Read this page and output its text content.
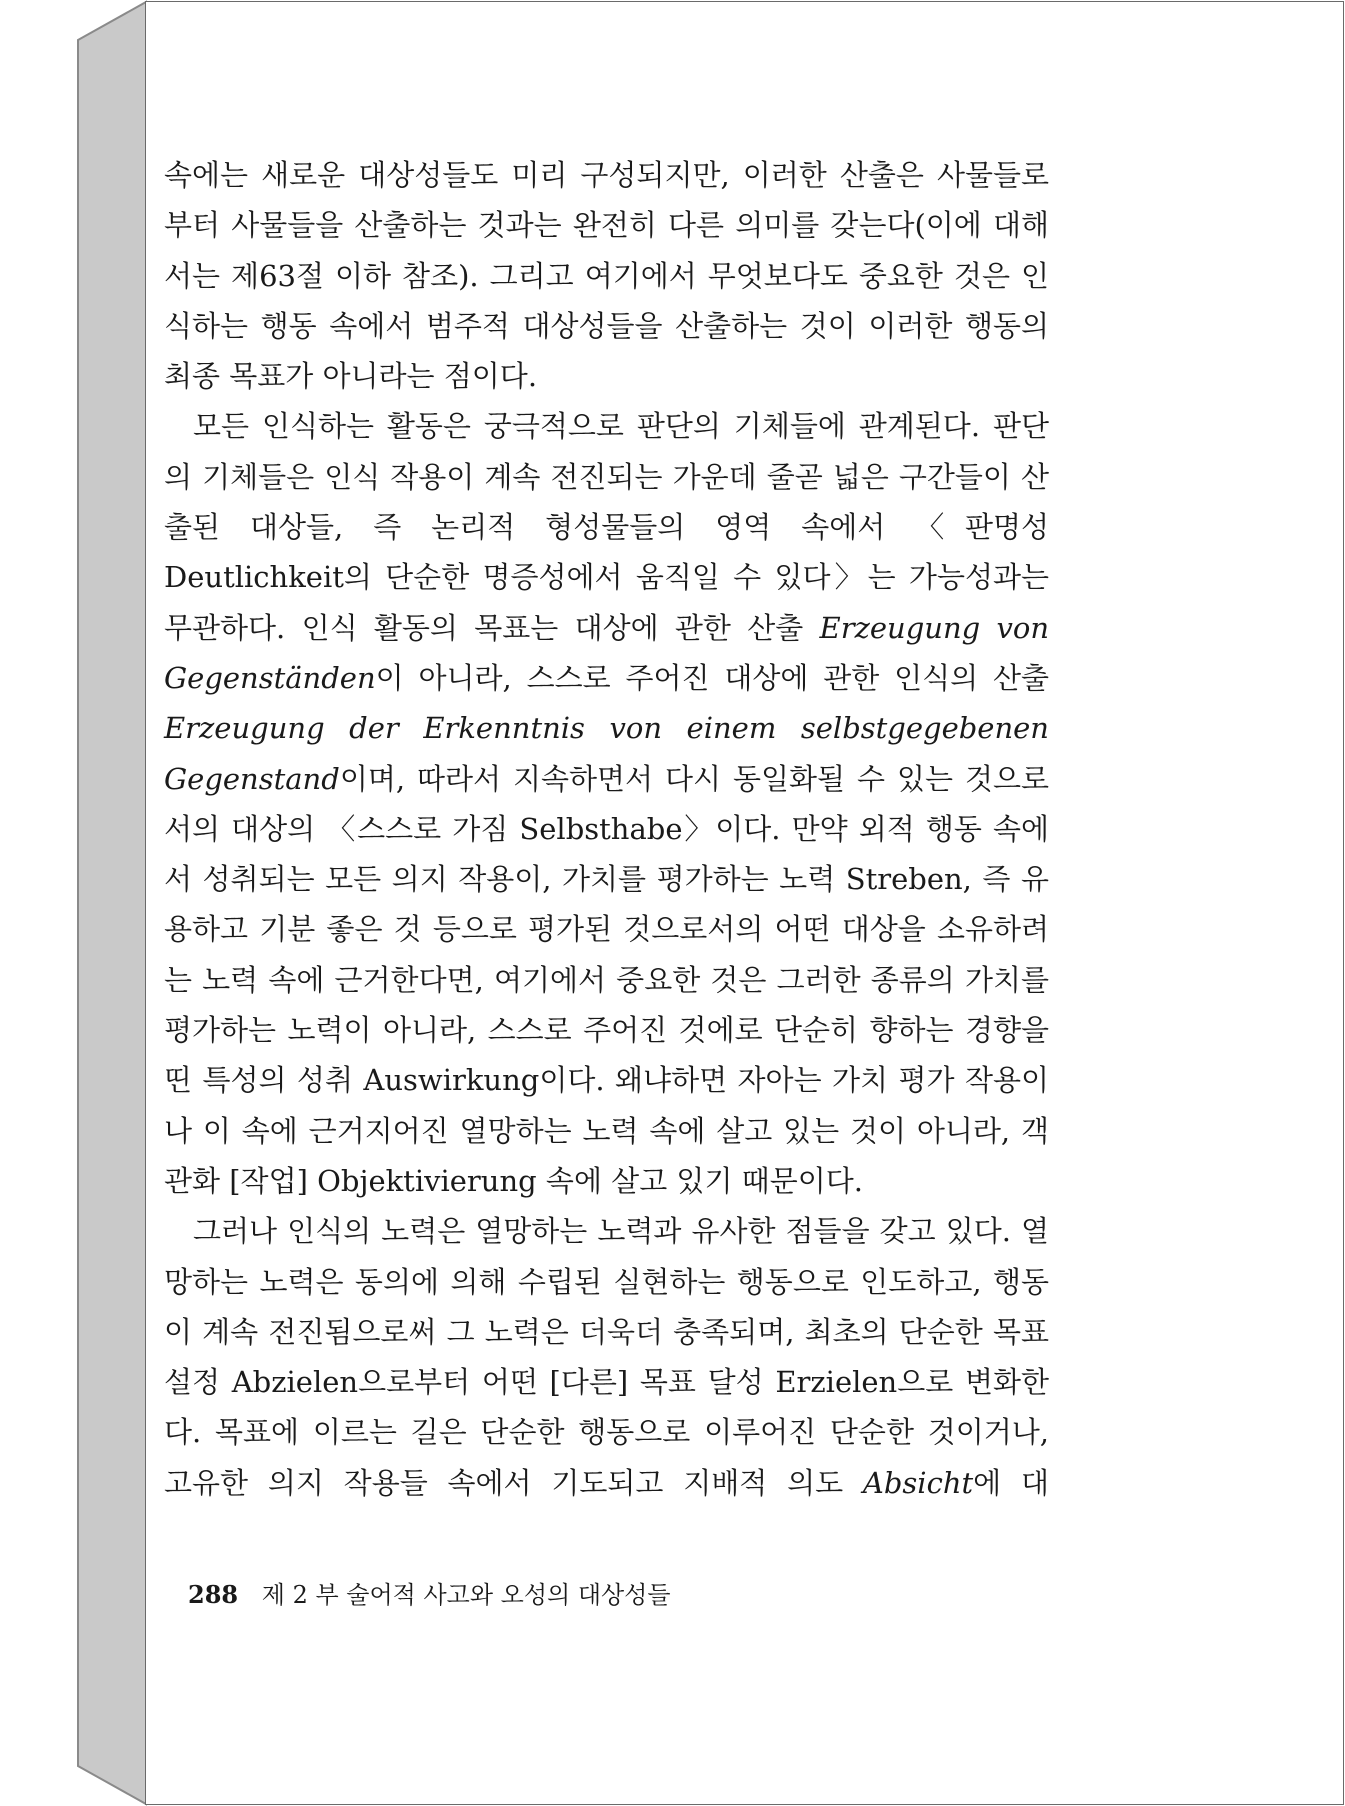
속에는 새로운 대상성들도 미리 구성되지만, 이러한 산출은 사물들로부터 사물들을 산출하는 것과는 완전히 다른 의미를 갖는다(이에 대해서는 제63절 이하 참조). 그리고 여기에서 무엇보다도 중요한 것은 인식하는 행동 속에서 범주적 대상성들을 산출하는 것이 이러한 행동의 최종 목표가 아니라는 점이다.

모든 인식하는 활동은 궁극적으로 판단의 기체들에 관계된다. 판단의 기체들은 인식 작용이 계속 전진되는 가운데 줄곧 넓은 구간들이 산출된 대상들, 즉 논리적 형성물들의 영역 속에서 〈판명성 Deutlichkeit의 단순한 명증성에서 움직일 수 있다〉는 가능성과는 무관하다. 인식 활동의 목표는 대상에 관한 산출 Erzeugung von Gegenständen이 아니라, 스스로 주어진 대상에 관한 인식의 산출 Erzeugung der Erkenntnis von einem selbstgegebenen Gegenstand이며, 따라서 지속하면서 다시 동일화될 수 있는 것으로서의 대상의 〈스스로 가짐 Selbsthabe〉이다. 만약 외적 행동 속에서 성취되는 모든 의지 작용이, 가치를 평가하는 노력 Streben, 즉 유용하고 기분 좋은 것 등으로 평가된 것으로서의 어떤 대상을 소유하려는 노력 속에 근거한다면, 여기에서 중요한 것은 그러한 종류의 가치를 평가하는 노력이 아니라, 스스로 주어진 것에로 단순히 향하는 경향을 띤 특성의 성취 Auswirkung이다. 왜냐하면 자아는 가치 평가 작용이나 이 속에 근거지어진 열망하는 노력 속에 살고 있는 것이 아니라, 객관화 [작업] Objektivierung 속에 살고 있기 때문이다.

그러나 인식의 노력은 열망하는 노력과 유사한 점들을 갖고 있다. 열망하는 노력은 동의에 의해 수립된 실현하는 행동으로 인도하고, 행동이 계속 전진됨으로써 그 노력은 더욱더 충족되며, 최초의 단순한 목표 설정 Abzielen으로부터 어떤 [다른] 목표 달성 Erzielen으로 변화한다. 목표에 이르는 길은 단순한 행동으로 이루어진 단순한 것이거나, 고유한 의지 작용들 속에서 기도되고 지배적 의도 Absicht에 대

288 제 2 부 술어적 사고와 오성의 대상성들
